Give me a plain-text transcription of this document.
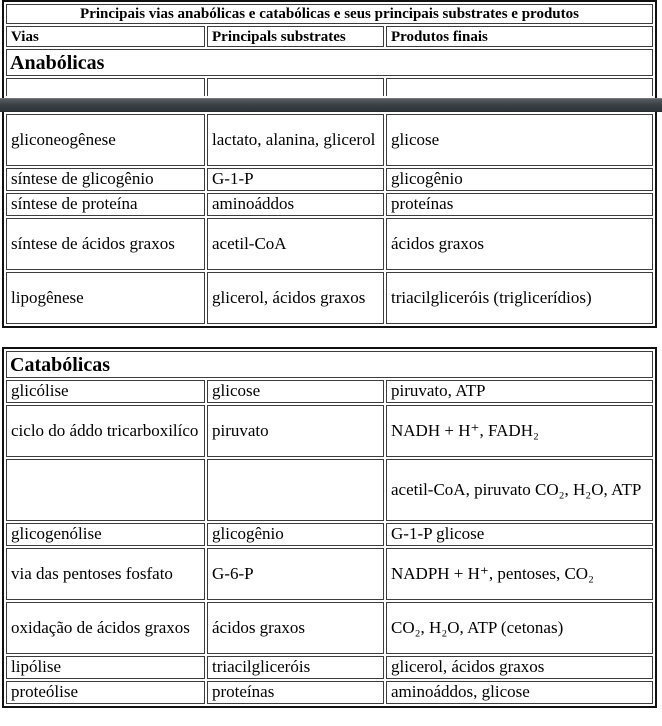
Principais vias anabólicas e catabólicas e seus principais substrates e produtos		
Vias	Principals substrates	Produtos finais
Anabólicas		

gliconeogênese	lactato, alanina, glicerol	glicose
síntese de glicogênio	G-1-P	glicogênio
síntese de proteína	aminoáddos	proteínas
síntese de ácidos graxos	acetil-CoA	ácidos graxos
lipogênese	glicerol, ácidos graxos	triacilgliceróis (triglicerídios)
Catabólicas		
glicólise	glicose	piruvato, ATP
ciclo do áddo tricarboxilíco	piruvato	NADH + H⁺, FADH₂
		acetil-CoA, piruvato CO₂, H₂O, ATP
glicogenólise	glicogênio	G-1-P glicose
via das pentoses fosfato	G-6-P	NADPH + H⁺, pentoses, CO₂
oxidação de ácidos graxos	ácidos graxos	CO₂, H₂O, ATP (cetonas)
lipólise	triacilgliceróis	glicerol, ácidos graxos
proteólise	proteínas	aminoáddos, glicose
